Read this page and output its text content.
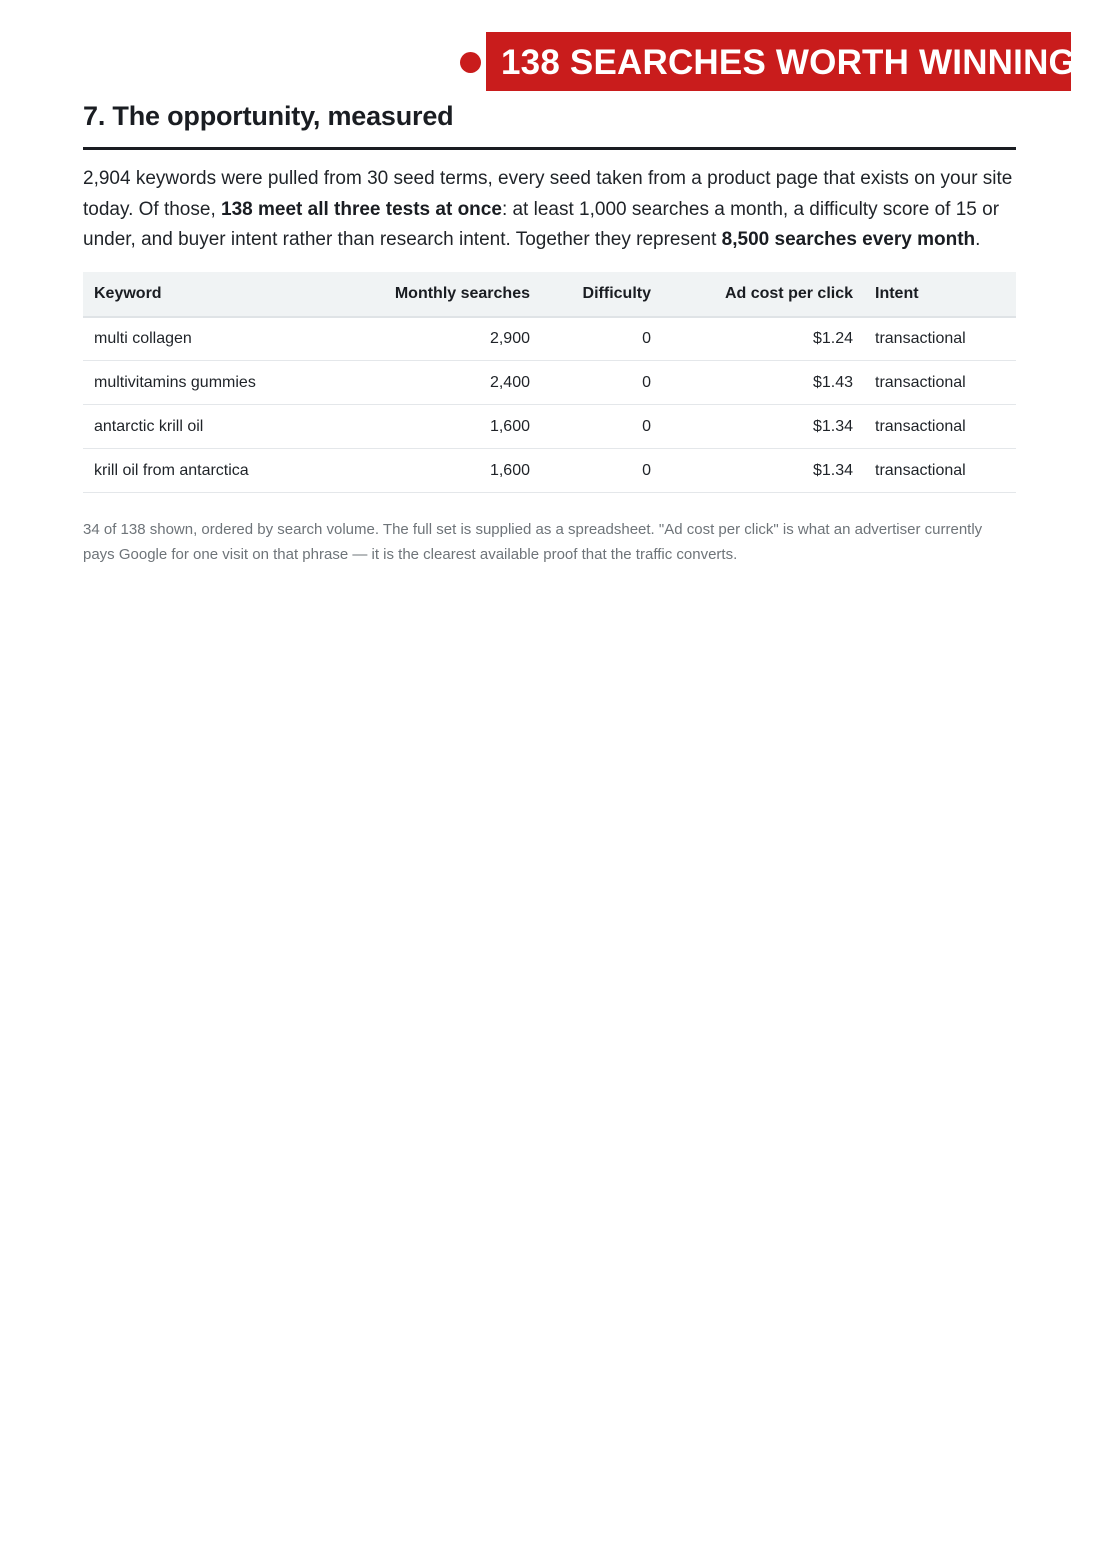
138 SEARCHES WORTH WINNING
7. The opportunity, measured

2,904 keywords were pulled from 30 seed terms, every seed taken from a product page that exists on your site today. Of those, 138 meet all three tests at once: at least 1,000 searches a month, a difficulty score of 15 or under, and buyer intent rather than research intent. Together they represent 8,500 searches every month.

Keyword	Monthly searches	Difficulty	Ad cost per click	Intent
multi collagen	2,900	0	$1.24	transactional
multivitamins gummies	2,400	0	$1.43	transactional
antarctic krill oil	1,600	0	$1.34	transactional
krill oil from antarctica	1,600	0	$1.34	transactional

34 of 138 shown, ordered by search volume. The full set is supplied as a spreadsheet. "Ad cost per click" is what an advertiser currently pays Google for one visit on that phrase — it is the clearest available proof that the traffic converts.
